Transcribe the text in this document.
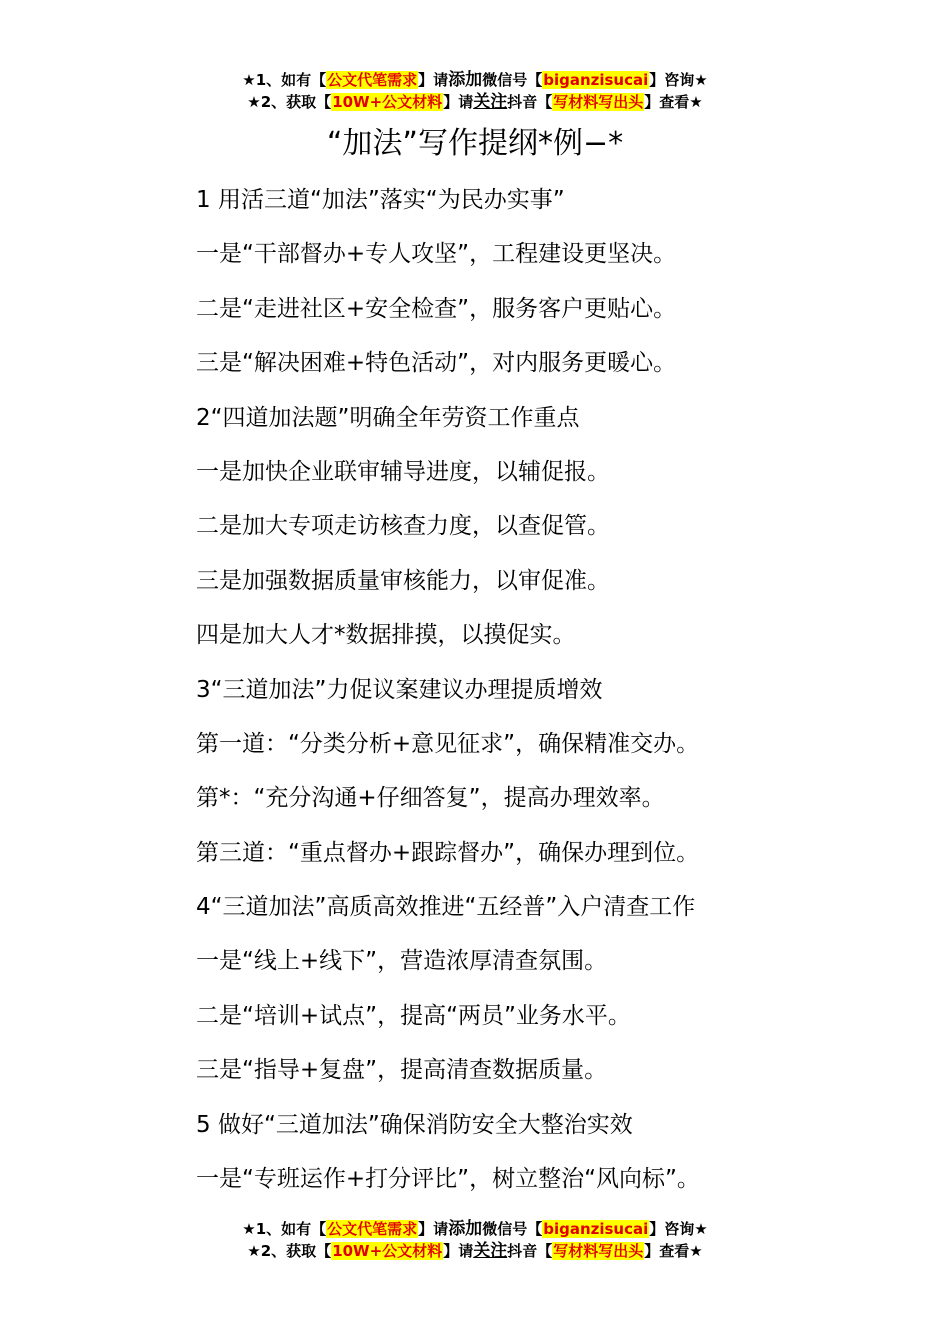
★1、如有【公文代笔需求】请添加微信号【biganzisucai】咨询★
★2、获取【10W+公文材料】请关注抖音【写材料写出头】查看★
“加法”写作提纲*例−*
1 用活三道“加法”落实“为民办实事”
一是“干部督办+专人攻坚”，工程建设更坚决。
二是“走进社区+安全检查”，服务客户更贴心。
三是“解决困难+特色活动”，对内服务更暖心。
2“四道加法题”明确全年劳资工作重点
一是加快企业联审辅导进度，以辅促报。
二是加大专项走访核查力度，以查促管。
三是加强数据质量审核能力，以审促准。
四是加大人才*数据排摸，以摸促实。
3“三道加法”力促议案建议办理提质增效
第一道：“分类分析+意见征求”，确保精准交办。
第*：“充分沟通+仔细答复”，提高办理效率。
第三道：“重点督办+跟踪督办”，确保办理到位。
4“三道加法”高质高效推进“五经普”入户清查工作
一是“线上+线下”，营造浓厚清查氛围。
二是“培训+试点”，提高“两员”业务水平。
三是“指导+复盘”，提高清查数据质量。
5 做好“三道加法”确保消防安全大整治实效
一是“专班运作+打分评比”，树立整治“风向标”。
★1、如有【公文代笔需求】请添加微信号【biganzisucai】咨询★
★2、获取【10W+公文材料】请关注抖音【写材料写出头】查看★
